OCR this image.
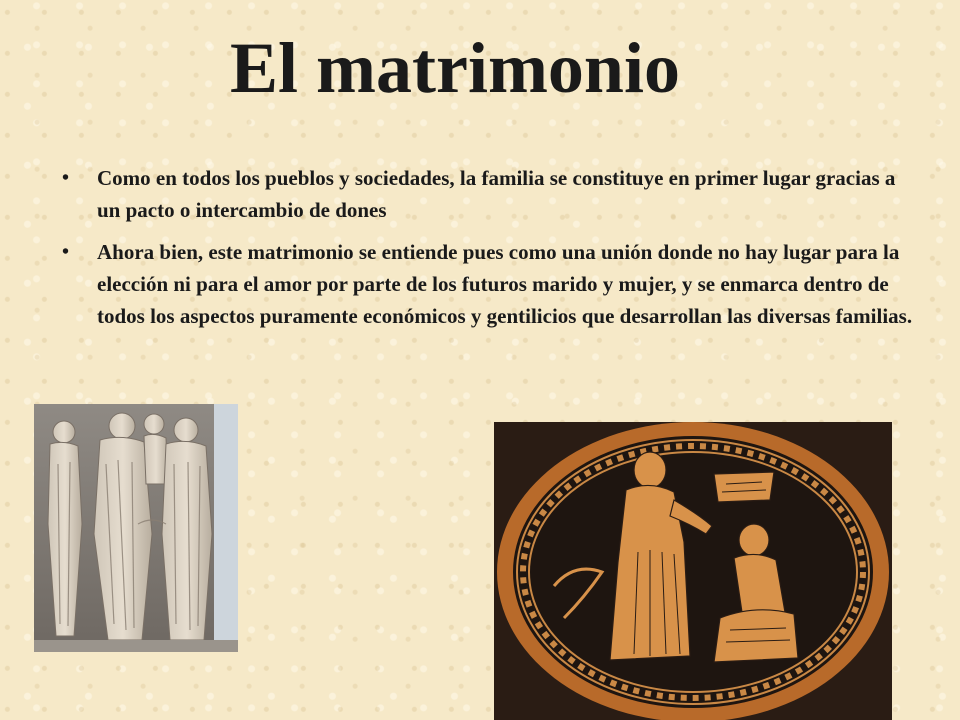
El matrimonio
• Como en todos los pueblos y sociedades, la familia se constituye en primer lugar gracias a un pacto o intercambio de dones
• Ahora bien, este matrimonio se entiende pues como una unión donde no hay lugar para la elección ni para el amor por parte de los futuros marido y mujer, y se enmarca dentro de todos los aspectos puramente económicos y gentilicios que desarrollan las diversas familias.
